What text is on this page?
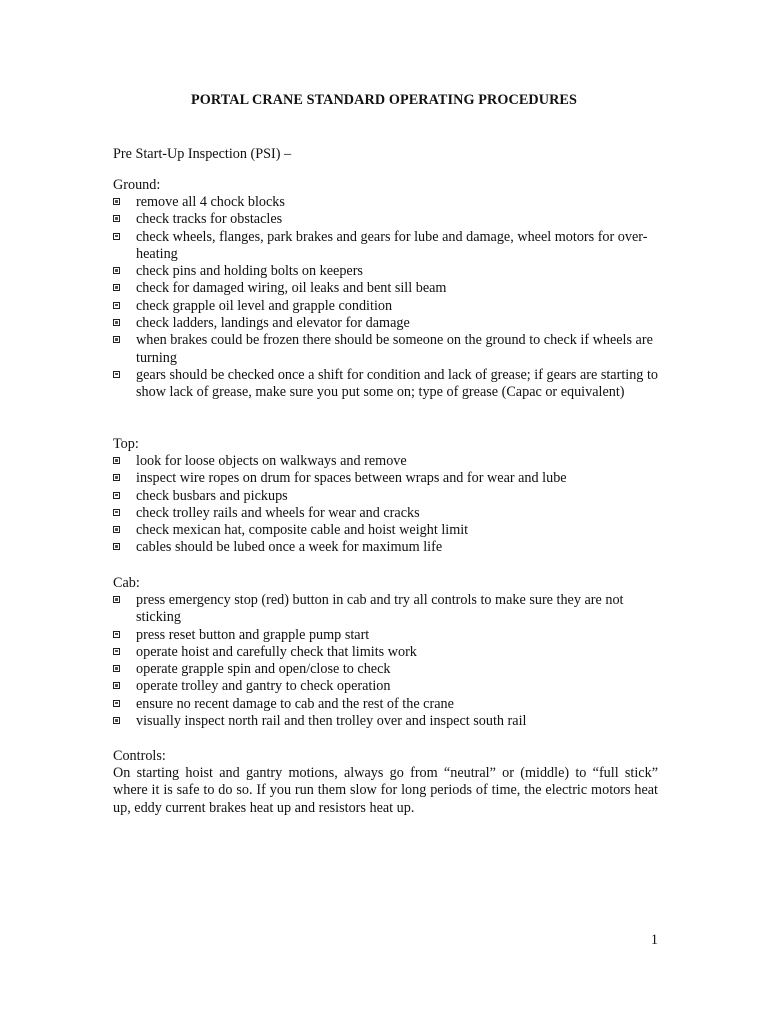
PORTAL CRANE STANDARD OPERATING PROCEDURES
Pre Start-Up Inspection (PSI) –
Ground:
remove all 4 chock blocks
check tracks for obstacles
check wheels, flanges, park brakes and gears for lube and damage, wheel motors for over-heating
check pins and holding bolts on keepers
check for damaged wiring, oil leaks and bent sill beam
check grapple oil level and grapple condition
check ladders, landings and elevator for damage
when brakes could be frozen there should be someone on the ground to check if wheels are turning
gears should be checked once a shift for condition and lack of grease; if gears are starting to show lack of grease, make sure you put some on; type of grease (Capac or equivalent)
Top:
look for loose objects on walkways and remove
inspect wire ropes on drum for spaces between wraps and for wear and lube
check busbars and pickups
check trolley rails and wheels for wear and cracks
check mexican hat, composite cable and hoist weight limit
cables should be lubed once a week for maximum life
Cab:
press emergency stop (red) button in cab and try all controls to make sure they are not sticking
press reset button and grapple pump start
operate hoist and carefully check that limits work
operate grapple spin and open/close to check
operate trolley and gantry to check operation
ensure no recent damage to cab and the rest of the crane
visually inspect north rail and then trolley over and inspect south rail
Controls:
On starting hoist and gantry motions, always go from “neutral” or (middle) to “full stick” where it is safe to do so. If you run them slow for long periods of time, the electric motors heat up, eddy current brakes heat up and resistors heat up.
1
